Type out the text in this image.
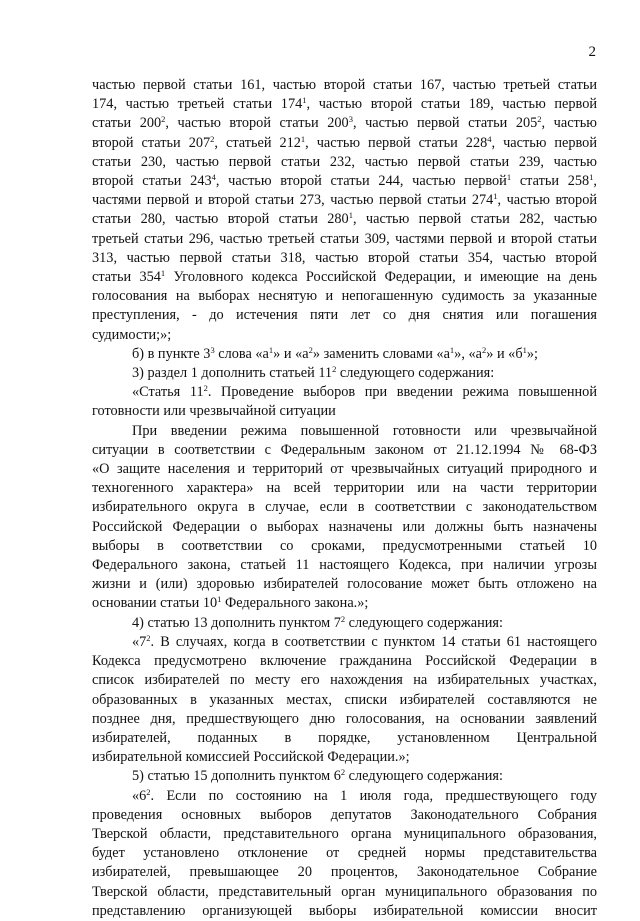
2
частью первой статьи 161, частью второй статьи 167, частью третьей статьи
174, частью третьей статьи $174^1$, частью второй статьи 189, частью первой
статьи $200^2$, частью второй статьи $200^3$, частью первой статьи $205^2$, частью
второй статьи $207^2$, статьей $212^1$, частью первой статьи $228^4$, частью первой
статьи 230, частью первой статьи 232, частью первой статьи 239, частью
второй статьи $243^4$, частью второй статьи 244, частью первой$^1$ статьи $258^1$,
частями первой и второй статьи 273, частью первой статьи $274^1$, частью второй
статьи 280, частью второй статьи $280^1$, частью первой статьи 282, частью
третьей статьи 296, частью третьей статьи 309, частями первой и второй статьи
313, частью первой статьи 318, частью второй статьи 354, частью второй
статьи $354^1$ Уголовного кодекса Российской Федерации, и имеющие на день
голосования на выборах неснятую и непогашенную судимость за указанные
преступления, - до истечения пяти лет со дня снятия или погашения
судимости;»;
б) в пункте $3^3$ слова «$а^1$» и «$а^2$» заменить словами «$а^1$», «$а^2$» и «$б^1$»;
3) раздел 1 дополнить статьей $11^2$ следующего содержания:
«Статья $11^2$. Проведение выборов при введении режима повышенной
готовности или чрезвычайной ситуации
При введении режима повышенной готовности или чрезвычайной
ситуации в соответствии с Федеральным законом от 21.12.1994 № 68-ФЗ
«О защите населения и территорий от чрезвычайных ситуаций природного и
техногенного характера» на всей территории или на части территории
избирательного округа в случае, если в соответствии с законодательством
Российской Федерации о выборах назначены или должны быть назначены
выборы в соответствии со сроками, предусмотренными статьей 10
Федерального закона, статьей 11 настоящего Кодекса, при наличии угрозы
жизни и (или) здоровью избирателей голосование может быть отложено на
основании статьи $10^1$ Федерального закона.»;
4) статью 13 дополнить пунктом $7^2$ следующего содержания:
«$7^2$. В случаях, когда в соответствии с пунктом 14 статьи 61 настоящего
Кодекса предусмотрено включение гражданина Российской Федерации в
список избирателей по месту его нахождения на избирательных участках,
образованных в указанных местах, списки избирателей составляются не
позднее дня, предшествующего дню голосования, на основании заявлений
избирателей, поданных в порядке, установленном Центральной
избирательной комиссией Российской Федерации.»;
5) статью 15 дополнить пунктом $6^2$ следующего содержания:
«$6^2$. Если по состоянию на 1 июля года, предшествующего году
проведения основных выборов депутатов Законодательного Собрания
Тверской области, представительного органа муниципального образования,
будет установлено отклонение от средней нормы представительства
избирателей, превышающее 20 процентов, Законодательное Собрание
Тверской области, представительный орган муниципального образования по
представлению организующей выборы избирательной комиссии вносит
